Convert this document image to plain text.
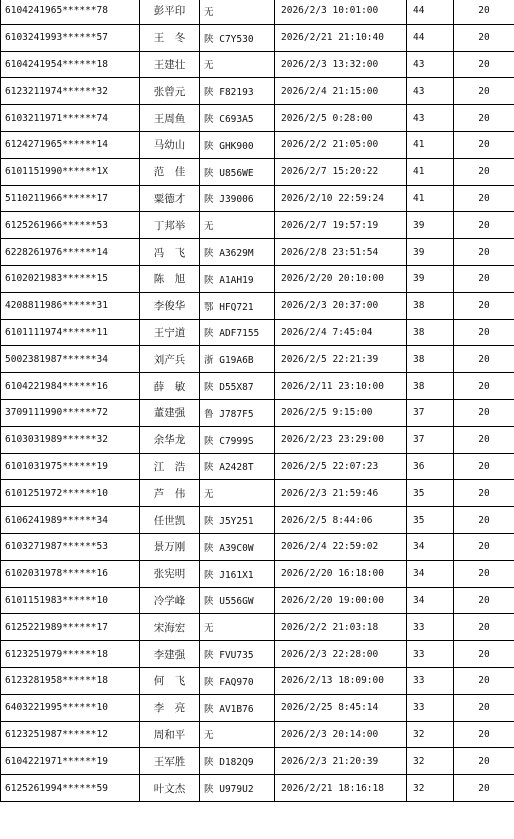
6104241965******78	彭平印	无	2026/2/3 10:01:00	44	20
6103241993******57	王　冬	陕 C7Y530	2026/2/21 21:10:40	44	20
6104241954******18	王建壮	无	2026/2/3 13:32:00	43	20
6123211974******32	张曾元	陕 F82193	2026/2/4 21:15:00	43	20
6103211971******74	王周鱼	陕 C693A5	2026/2/5 0:28:00	43	20
6124271965******14	马幼山	陕 GHK900	2026/2/2 21:05:00	41	20
6101151990******1X	范　佳	陕 U856WE	2026/2/7 15:20:22	41	20
5110211966******17	粟德才	陕 J39006	2026/2/10 22:59:24	41	20
6125261966******53	丁邦举	无	2026/2/7 19:57:19	39	20
6228261976******14	冯　飞	陕 A3629M	2026/2/8 23:51:54	39	20
6102021983******15	陈　旭	陕 A1AH19	2026/2/20 20:10:00	39	20
4208811986******31	李俊华	鄂 HFQ721	2026/2/3 20:37:00	38	20
6101111974******11	王宁道	陕 ADF7155	2026/2/4 7:45:04	38	20
5002381987******34	刘产兵	浙 G19A6B	2026/2/5 22:21:39	38	20
6104221984******16	薛　敏	陕 D55X87	2026/2/11 23:10:00	38	20
3709111990******72	董建强	鲁 J787F5	2026/2/5 9:15:00	37	20
6103031989******32	余华龙	陕 C7999S	2026/2/23 23:29:00	37	20
6101031975******19	江　浩	陕 A2428T	2026/2/5 22:07:23	36	20
6101251972******10	芦　伟	无	2026/2/3 21:59:46	35	20
6106241989******34	任世凯	陕 J5Y251	2026/2/5 8:44:06	35	20
6103271987******53	景万刚	陕 A39C0W	2026/2/4 22:59:02	34	20
6102031978******16	张宪明	陕 J161X1	2026/2/20 16:18:00	34	20
6101151983******10	冷学峰	陕 U556GW	2026/2/20 19:00:00	34	20
6125221989******17	宋海宏	无	2026/2/2 21:03:18	33	20
6123251979******18	李建强	陕 FVU735	2026/2/3 22:28:00	33	20
6123281958******18	何　飞	陕 FAQ970	2026/2/13 18:09:00	33	20
6403221995******10	李　亮	陕 AV1B76	2026/2/25 8:45:14	33	20
6123251987******12	周和平	无	2026/2/3 20:14:00	32	20
6104221971******19	王军胜	陕 D182Q9	2026/2/3 21:20:39	32	20
6125261994******59	叶文杰	陕 U979U2	2026/2/21 18:16:18	32	20
